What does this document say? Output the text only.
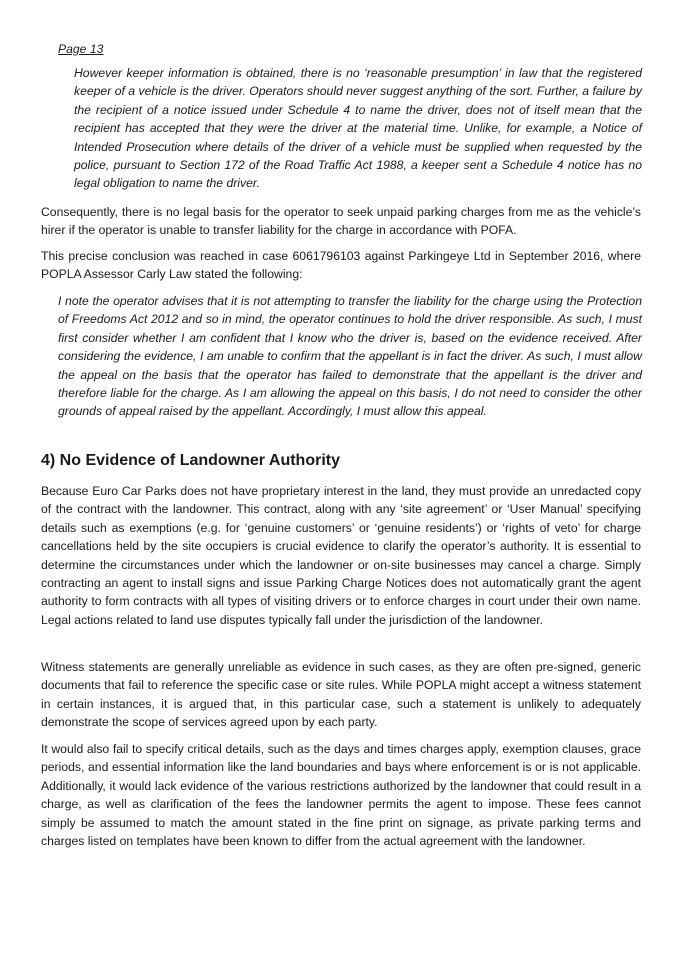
Page 13
However keeper information is obtained, there is no ‘reasonable presumption’ in law that the registered keeper of a vehicle is the driver. Operators should never suggest anything of the sort. Further, a failure by the recipient of a notice issued under Schedule 4 to name the driver, does not of itself mean that the recipient has accepted that they were the driver at the material time. Unlike, for example, a Notice of Intended Prosecution where details of the driver of a vehicle must be supplied when requested by the police, pursuant to Section 172 of the Road Traffic Act 1988, a keeper sent a Schedule 4 notice has no legal obligation to name the driver.
Consequently, there is no legal basis for the operator to seek unpaid parking charges from me as the vehicle’s hirer if the operator is unable to transfer liability for the charge in accordance with POFA.
This precise conclusion was reached in case 6061796103 against Parkingeye Ltd in September 2016, where POPLA Assessor Carly Law stated the following:
I note the operator advises that it is not attempting to transfer the liability for the charge using the Protection of Freedoms Act 2012 and so in mind, the operator continues to hold the driver responsible. As such, I must first consider whether I am confident that I know who the driver is, based on the evidence received. After considering the evidence, I am unable to confirm that the appellant is in fact the driver. As such, I must allow the appeal on the basis that the operator has failed to demonstrate that the appellant is the driver and therefore liable for the charge. As I am allowing the appeal on this basis, I do not need to consider the other grounds of appeal raised by the appellant. Accordingly, I must allow this appeal.
4) No Evidence of Landowner Authority
Because Euro Car Parks does not have proprietary interest in the land, they must provide an unredacted copy of the contract with the landowner. This contract, along with any ‘site agreement’ or ‘User Manual’ specifying details such as exemptions (e.g. for ‘genuine customers’ or ‘genuine residents’) or ‘rights of veto’ for charge cancellations held by the site occupiers is crucial evidence to clarify the operator’s authority. It is essential to determine the circumstances under which the landowner or on-site businesses may cancel a charge. Simply contracting an agent to install signs and issue Parking Charge Notices does not automatically grant the agent authority to form contracts with all types of visiting drivers or to enforce charges in court under their own name. Legal actions related to land use disputes typically fall under the jurisdiction of the landowner.
Witness statements are generally unreliable as evidence in such cases, as they are often pre-signed, generic documents that fail to reference the specific case or site rules. While POPLA might accept a witness statement in certain instances, it is argued that, in this particular case, such a statement is unlikely to adequately demonstrate the scope of services agreed upon by each party.
It would also fail to specify critical details, such as the days and times charges apply, exemption clauses, grace periods, and essential information like the land boundaries and bays where enforcement is or is not applicable. Additionally, it would lack evidence of the various restrictions authorized by the landowner that could result in a charge, as well as clarification of the fees the landowner permits the agent to impose. These fees cannot simply be assumed to match the amount stated in the fine print on signage, as private parking terms and charges listed on templates have been known to differ from the actual agreement with the landowner.
